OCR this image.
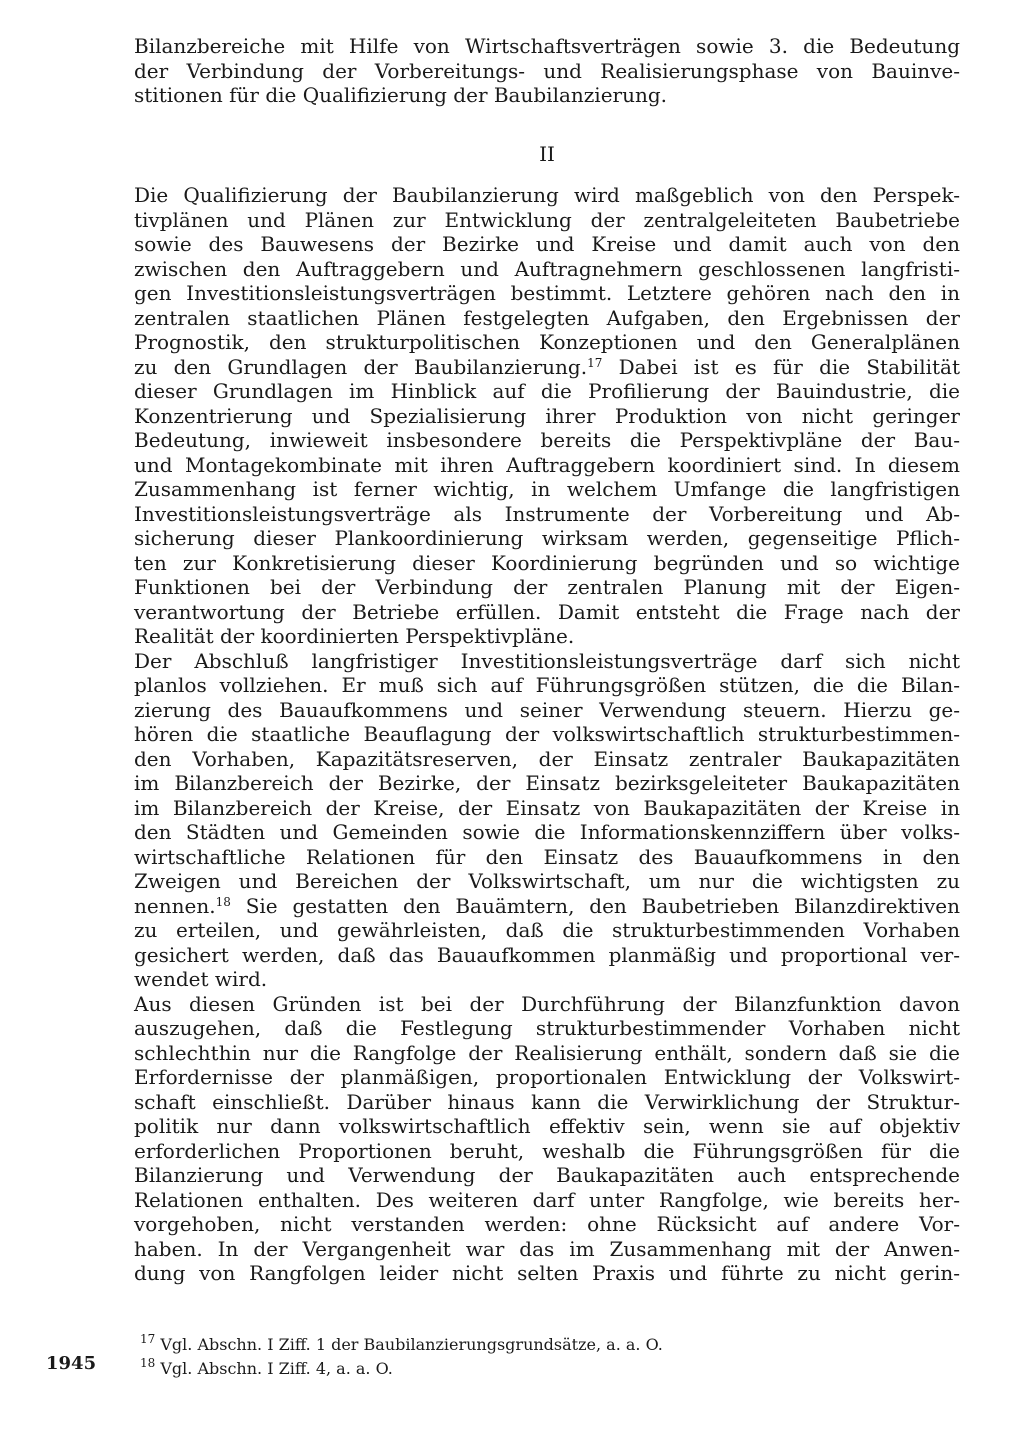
Bilanzbereiche mit Hilfe von Wirtschaftsverträgen sowie 3. die Bedeutung

der Verbindung der Vorbereitungs- und Realisierungsphase von Bauinve-

stitionen für die Qualifizierung der Baubilanzierung.

II

Die Qualifizierung der Baubilanzierung wird maßgeblich von den Perspek-

tivplänen und Plänen zur Entwicklung der zentralgeleiteten Baubetriebe

sowie des Bauwesens der Bezirke und Kreise und damit auch von den

zwischen den Auftraggebern und Auftragnehmern geschlossenen langfristi-

gen Investitionsleistungsverträgen bestimmt. Letztere gehören nach den in

zentralen staatlichen Plänen festgelegten Aufgaben, den Ergebnissen der

Prognostik, den strukturpolitischen Konzeptionen und den Generalplänen

zu den Grundlagen der Baubilanzierung.$^{17}$ Dabei ist es für die Stabilität

dieser Grundlagen im Hinblick auf die Profilierung der Bauindustrie, die

Konzentrierung und Spezialisierung ihrer Produktion von nicht geringer

Bedeutung, inwieweit insbesondere bereits die Perspektivpläne der Bau-

und Montagekombinate mit ihren Auftraggebern koordiniert sind. In diesem

Zusammenhang ist ferner wichtig, in welchem Umfange die langfristigen

Investitionsleistungsverträge als Instrumente der Vorbereitung und Ab-

sicherung dieser Plankoordinierung wirksam werden, gegenseitige Pflich-

ten zur Konkretisierung dieser Koordinierung begründen und so wichtige

Funktionen bei der Verbindung der zentralen Planung mit der Eigen-

verantwortung der Betriebe erfüllen. Damit entsteht die Frage nach der

Realität der koordinierten Perspektivpläne.

Der Abschluß langfristiger Investitionsleistungsverträge darf sich nicht

planlos vollziehen. Er muß sich auf Führungsgrößen stützen, die die Bilan-

zierung des Bauaufkommens und seiner Verwendung steuern. Hierzu ge-

hören die staatliche Beauflagung der volkswirtschaftlich strukturbestimmen-

den Vorhaben, Kapazitätsreserven, der Einsatz zentraler Baukapazitäten

im Bilanzbereich der Bezirke, der Einsatz bezirksgeleiteter Baukapazitäten

im Bilanzbereich der Kreise, der Einsatz von Baukapazitäten der Kreise in

den Städten und Gemeinden sowie die Informationskennziffern über volks-

wirtschaftliche Relationen für den Einsatz des Bauaufkommens in den

Zweigen und Bereichen der Volkswirtschaft, um nur die wichtigsten zu

nennen.$^{18}$ Sie gestatten den Bauämtern, den Baubetrieben Bilanzdirektiven

zu erteilen, und gewährleisten, daß die strukturbestimmenden Vorhaben

gesichert werden, daß das Bauaufkommen planmäßig und proportional ver-

wendet wird.

Aus diesen Gründen ist bei der Durchführung der Bilanzfunktion davon

auszugehen, daß die Festlegung strukturbestimmender Vorhaben nicht

schlechthin nur die Rangfolge der Realisierung enthält, sondern daß sie die

Erfordernisse der planmäßigen, proportionalen Entwicklung der Volkswirt-

schaft einschließt. Darüber hinaus kann die Verwirklichung der Struktur-

politik nur dann volkswirtschaftlich effektiv sein, wenn sie auf objektiv

erforderlichen Proportionen beruht, weshalb die Führungsgrößen für die

Bilanzierung und Verwendung der Baukapazitäten auch entsprechende

Relationen enthalten. Des weiteren darf unter Rangfolge, wie bereits her-

vorgehoben, nicht verstanden werden: ohne Rücksicht auf andere Vor-

haben. In der Vergangenheit war das im Zusammenhang mit der Anwen-

dung von Rangfolgen leider nicht selten Praxis und führte zu nicht gerin-

$^{17}$ Vgl. Abschn. I Ziff. 1 der Baubilanzierungsgrundsätze, a. a. O.

$^{18}$ Vgl. Abschn. I Ziff. 4, a. a. O.

1945
